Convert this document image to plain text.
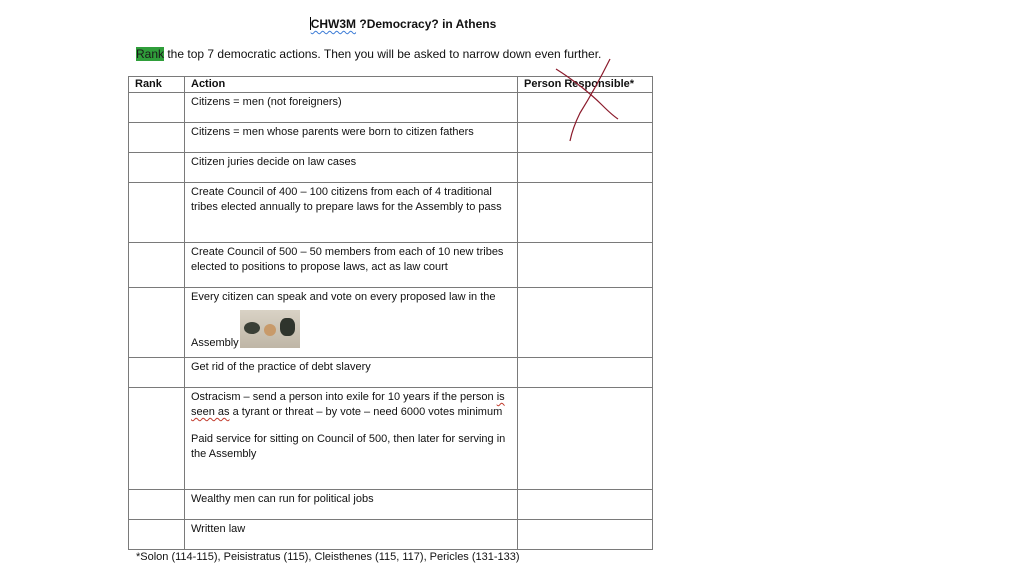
CHW3M ?Democracy? in Athens
Rank the top 7 democratic actions. Then you will be asked to narrow down even further.
Rank	Action	Person Responsible*
	Citizens = men (not foreigners)	
	Citizens = men whose parents were born to citizen fathers	
	Citizen juries decide on law cases	
	Create Council of 400 – 100 citizens from each of 4 traditional tribes elected annually to prepare laws for the Assembly to pass	
	Create Council of 500 – 50 members from each of 10 new tribes elected to positions to propose laws, act as law court	

	Every citizen can speak and vote on every proposed law in the
Assembly	

	Get rid of the practice of debt slavery	

	Ostracism – send a person into exile for 10 years if the person is seen as a tyrant or threat – by vote – need 6000 votes minimum
Paid service for sitting on Council of 500, then later for serving in the Assembly	

	Wealthy men can run for political jobs	
	Written law	
*Solon (114-115), Peisistratus (115), Cleisthenes (115, 117), Pericles (131-133)
